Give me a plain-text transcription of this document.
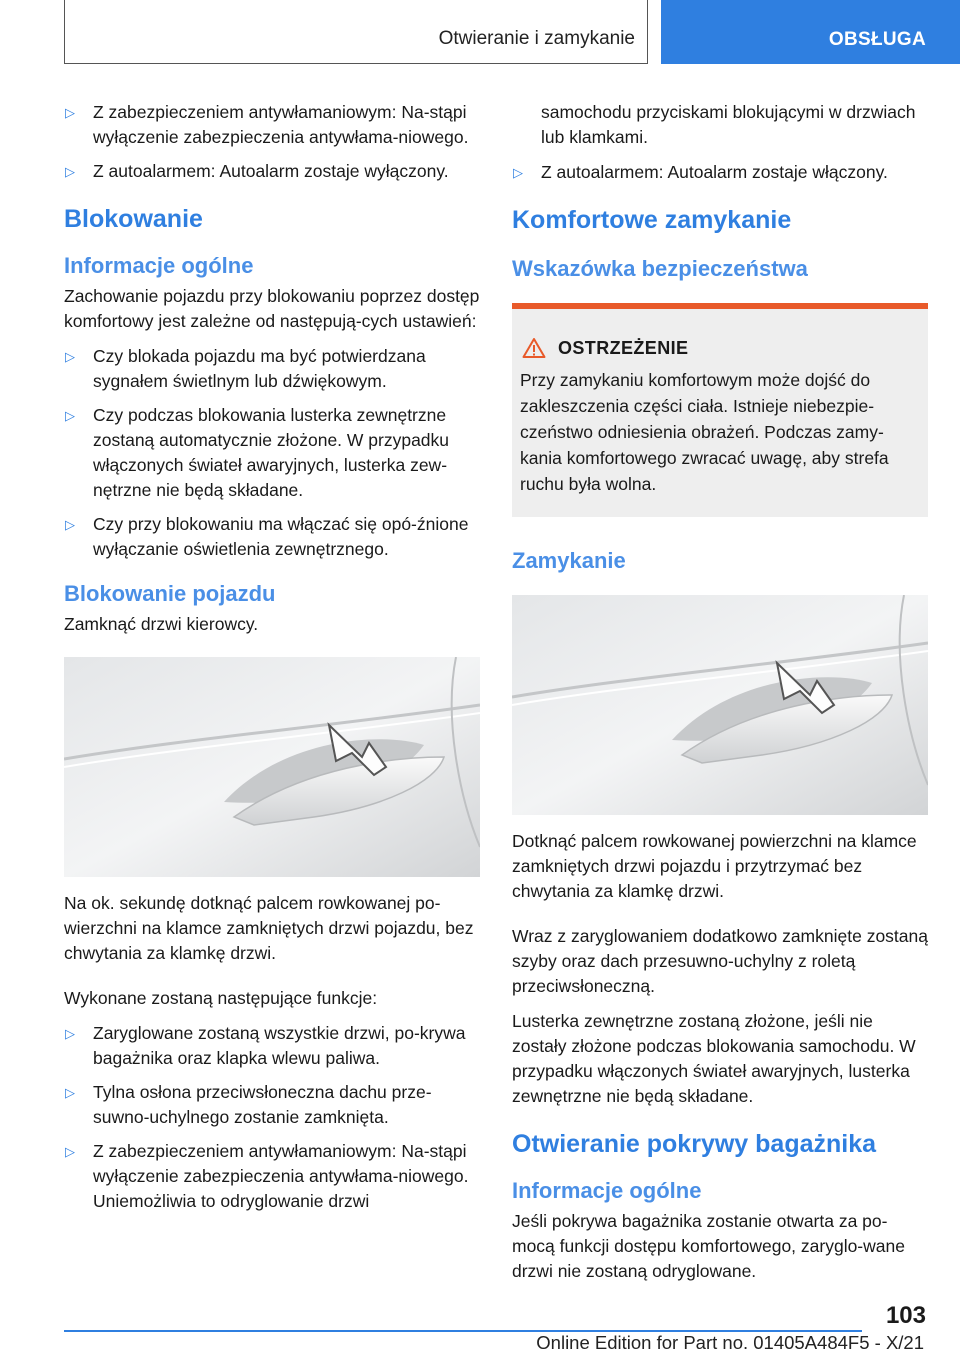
Otwieranie i zamykanie	OBSŁUGA
▷ Z zabezpieczeniem antywłamaniowym: Na-stąpi wyłączenie zabezpieczenia antywłama-niowego.
▷ Z autoalarmem: Autoalarm zostaje wyłączony.
Blokowanie
Informacje ogólne

Zachowanie pojazdu przy blokowaniu poprzez dostęp komfortowy jest zależne od następują-cych ustawień:

▷ Czy blokada pojazdu ma być potwierdzana sygnałem świetlnym lub dźwiękowym.
▷ Czy podczas blokowania lusterka zewnętrzne zostaną automatycznie złożone. W przypadku włączonych świateł awaryjnych, lusterka zew-nętrzne nie będą składane.
▷ Czy przy blokowaniu ma włączać się opó-źnione wyłączanie oświetlenia zewnętrznego.
Blokowanie pojazdu

Zamknąć drzwi kierowcy.

Na ok. sekundę dotknąć palcem rowkowanej po-wierzchni na klamce zamkniętych drzwi pojazdu, bez chwytania za klamkę drzwi.

Wykonane zostaną następujące funkcje:

▷ Zaryglowane zostaną wszystkie drzwi, po-krywa bagażnika oraz klapka wlewu paliwa.
▷ Tylna osłona przeciwsłoneczna dachu prze-suwno-uchylnego zostanie zamknięta.
▷ Z zabezpieczeniem antywłamaniowym: Na-stąpi wyłączenie zabezpieczenia antywłama-niowego. Uniemożliwia to odryglowanie drzwi

samochodu przyciskami blokującymi w drzwiach lub klamkami.

▷ Z autoalarmem: Autoalarm zostaje włączony.
Komfortowe zamykanie
Wskazówka bezpieczeństwa
OSTRZEŻENIE
Przy zamykaniu komfortowym może dojść do zakleszczenia części ciała. Istnieje niebezpie-czeństwo odniesienia obrażeń. Podczas zamy-kania komfortowego zwracać uwagę, aby strefa ruchu była wolna.
Zamykanie

Dotknąć palcem rowkowanej powierzchni na klamce zamkniętych drzwi pojazdu i przytrzymać bez chwytania za klamkę drzwi.

Wraz z zaryglowaniem dodatkowo zamknięte zostaną szyby oraz dach przesuwno-uchylny z roletą przeciwsłoneczną.

Lusterka zewnętrzne zostaną złożone, jeśli nie zostały złożone podczas blokowania samochodu. W przypadku włączonych świateł awaryjnych, lusterka zewnętrzne nie będą składane.

Otwieranie pokrywy bagażnika
Informacje ogólne

Jeśli pokrywa bagażnika zostanie otwarta za po-mocą funkcji dostępu komfortowego, zaryglo-wane drzwi nie zostaną odryglowane.

103
Online Edition for Part no. 01405A484F5 - X/21
